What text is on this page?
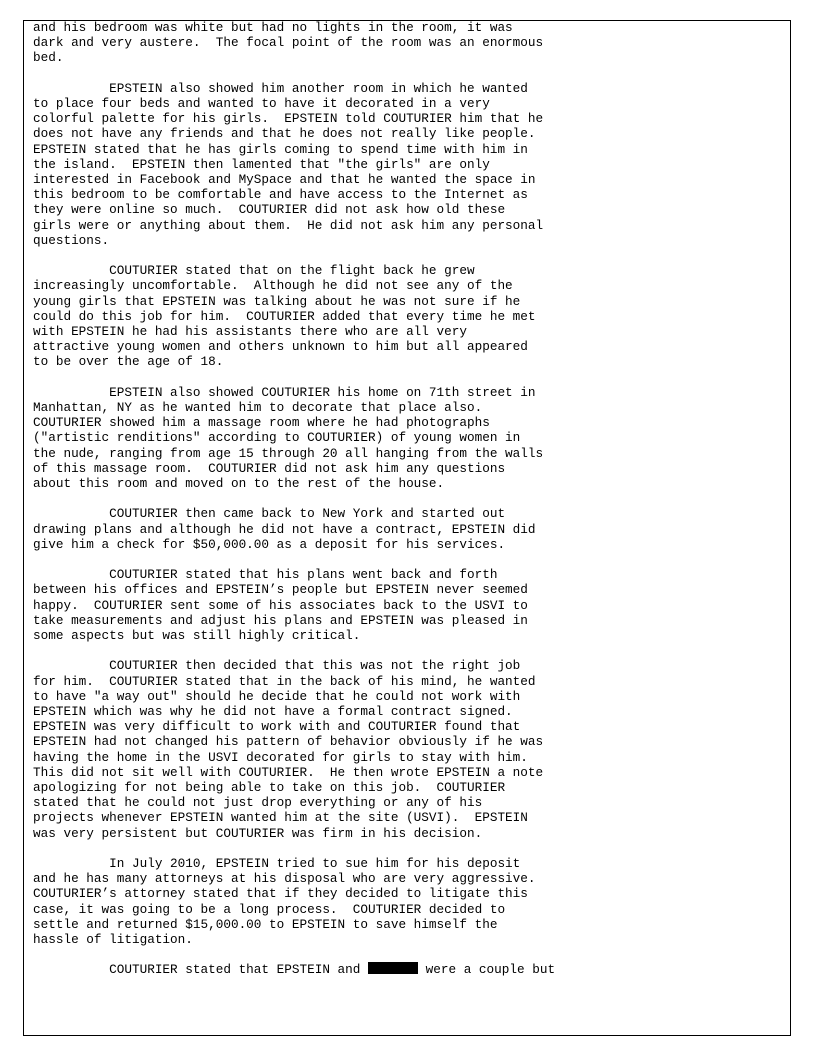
and his bedroom was white but had no lights in the room, it was
dark and very austere.  The focal point of the room was an enormous
bed.
EPSTEIN also showed him another room in which he wanted
to place four beds and wanted to have it decorated in a very
colorful palette for his girls.  EPSTEIN told COUTURIER him that he
does not have any friends and that he does not really like people.
EPSTEIN stated that he has girls coming to spend time with him in
the island.  EPSTEIN then lamented that "the girls" are only
interested in Facebook and MySpace and that he wanted the space in
this bedroom to be comfortable and have access to the Internet as
they were online so much.  COUTURIER did not ask how old these
girls were or anything about them.  He did not ask him any personal
questions.
COUTURIER stated that on the flight back he grew
increasingly uncomfortable.  Although he did not see any of the
young girls that EPSTEIN was talking about he was not sure if he
could do this job for him.  COUTURIER added that every time he met
with EPSTEIN he had his assistants there who are all very
attractive young women and others unknown to him but all appeared
to be over the age of 18.
EPSTEIN also showed COUTURIER his home on 71th street in
Manhattan, NY as he wanted him to decorate that place also.
COUTURIER showed him a massage room where he had photographs
("artistic renditions" according to COUTURIER) of young women in
the nude, ranging from age 15 through 20 all hanging from the walls
of this massage room.  COUTURIER did not ask him any questions
about this room and moved on to the rest of the house.
COUTURIER then came back to New York and started out
drawing plans and although he did not have a contract, EPSTEIN did
give him a check for $50,000.00 as a deposit for his services.
COUTURIER stated that his plans went back and forth
between his offices and EPSTEIN’s people but EPSTEIN never seemed
happy.  COUTURIER sent some of his associates back to the USVI to
take measurements and adjust his plans and EPSTEIN was pleased in
some aspects but was still highly critical.
COUTURIER then decided that this was not the right job
for him.  COUTURIER stated that in the back of his mind, he wanted
to have "a way out" should he decide that he could not work with
EPSTEIN which was why he did not have a formal contract signed.
EPSTEIN was very difficult to work with and COUTURIER found that
EPSTEIN had not changed his pattern of behavior obviously if he was
having the home in the USVI decorated for girls to stay with him.
This did not sit well with COUTURIER.  He then wrote EPSTEIN a note
apologizing for not being able to take on this job.  COUTURIER
stated that he could not just drop everything or any of his
projects whenever EPSTEIN wanted him at the site (USVI).  EPSTEIN
was very persistent but COUTURIER was firm in his decision.
In July 2010, EPSTEIN tried to sue him for his deposit
and he has many attorneys at his disposal who are very aggressive.
COUTURIER’s attorney stated that if they decided to litigate this
case, it was going to be a long process.  COUTURIER decided to
settle and returned $15,000.00 to EPSTEIN to save himself the
hassle of litigation.
COUTURIER stated that EPSTEIN and	were a couple but
